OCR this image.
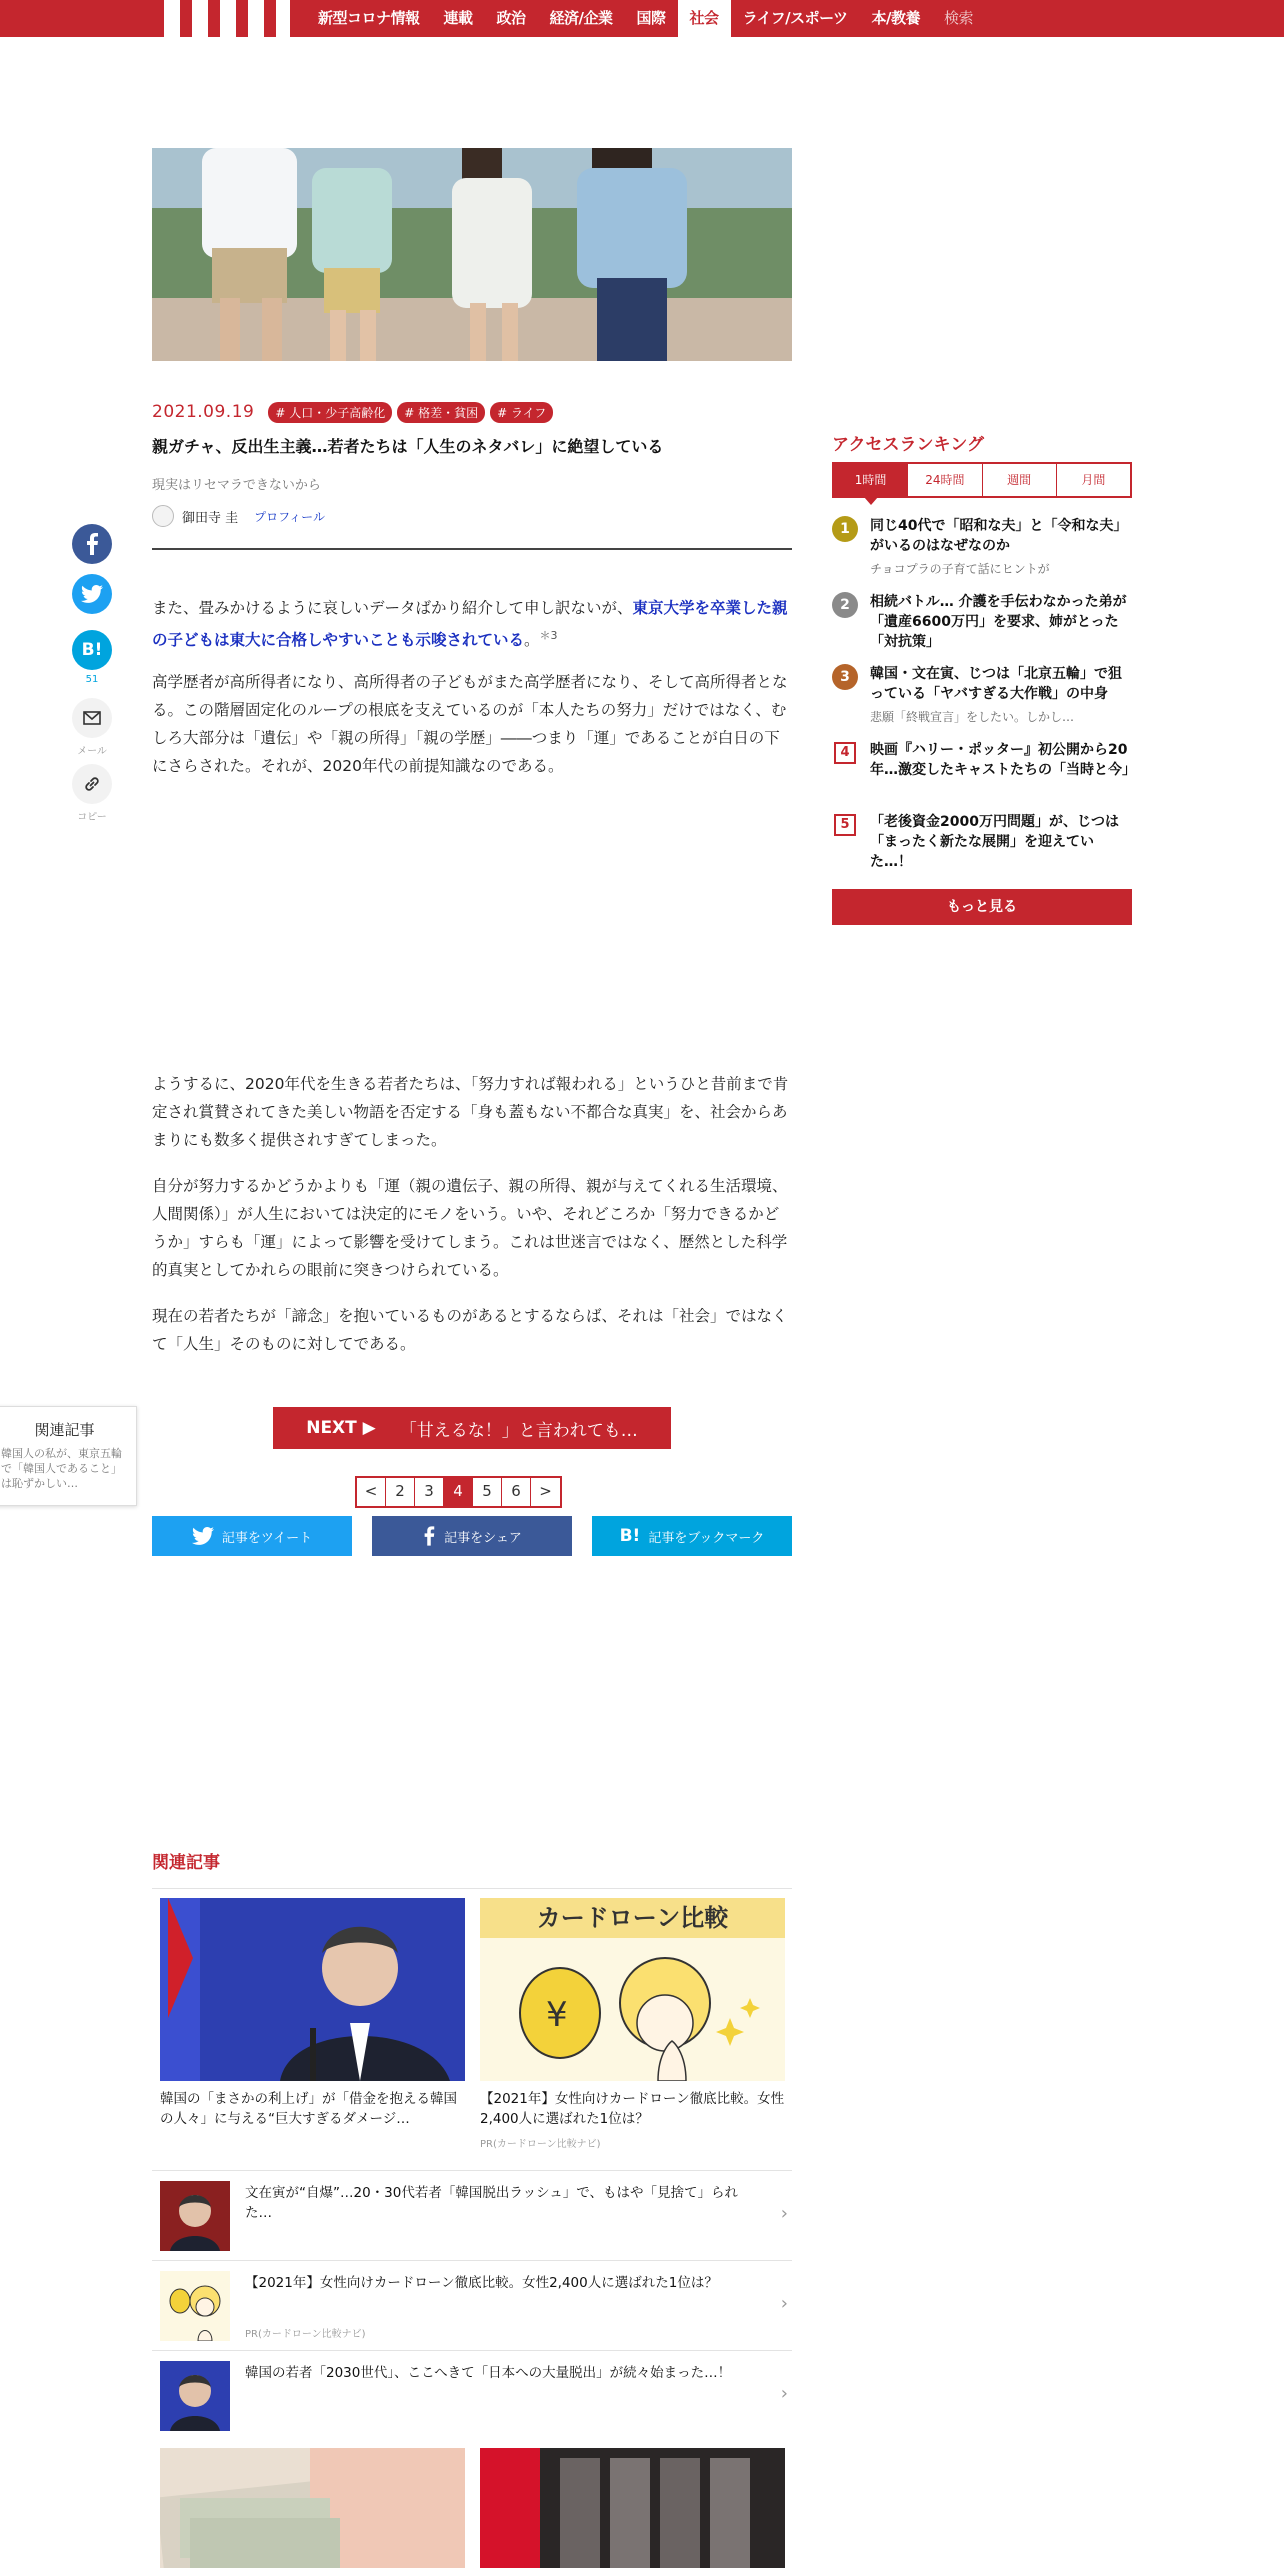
新型コロナ情報	連載	政治	経済/企業	国際	社会	ライフ/スポーツ	本/教養	検索
B!
51
メール
コピー
2021.09.19	# 人口・少子高齢化	# 格差・貧困	# ライフ
親ガチャ、反出生主義…若者たちは「人生のネタバレ」に絶望している
現実はリセマラできないから
御田寺 圭 プロフィール

また、畳みかけるように哀しいデータばかり紹介して申し訳ないが、東京大学を卒業した親の子どもは東大に合格しやすいことも示唆されている。$^{*3}$

高学歴者が高所得者になり、高所得者の子どもがまた高学歴者になり、そして高所得者となる。この階層固定化のループの根底を支えているのが「本人たちの努力」だけではなく、むしろ大部分は「遺伝」や「親の所得」「親の学歴」――つまり「運」であることが白日の下にさらされた。それが、2020年代の前提知識なのである。

ようするに、2020年代を生きる若者たちは、「努力すれば報われる」というひと昔前まで肯定され賞賛されてきた美しい物語を否定する「身も蓋もない不都合な真実」を、社会からあまりにも数多く提供されすぎてしまった。

自分が努力するかどうかよりも「運（親の遺伝子、親の所得、親が与えてくれる生活環境、人間関係）」が人生においては決定的にモノをいう。いや、それどころか「努力できるかどうか」すらも「運」によって影響を受けてしまう。これは世迷言ではなく、歴然とした科学的真実としてかれらの眼前に突きつけられている。

現在の若者たちが「諦念」を抱いているものがあるとするならば、それは「社会」ではなくて「人生」そのものに対してである。

NEXT ▶ 「甘えるな！」と言われても…
<	2	3	4	5	6	>
記事をツイート	記事をシェア	B! 記事をブックマーク
関連記事
韓国人の私が、東京五輪で「韓国人であること」は恥ずかしい…
アクセスランキング
1時間	24時間	週間	月間
1	同じ40代で「昭和な夫」と「令和な夫」がいるのはなぜなのか
チョコプラの子育て話にヒントが
2	相続バトル… 介護を手伝わなかった弟が「遺産6600万円」を要求、姉がとった「対抗策」
3	韓国・文在寅、じつは「北京五輪」で狙っている「ヤバすぎる大作戦」の中身
悲願「終戦宣言」をしたい。しかし…
4	映画『ハリー・ポッター』初公開から20年…激変したキャストたちの「当時と今」
5	「老後資金2000万円問題」が、じつは「まったく新たな展開」を迎えていた…！
もっと見る
関連記事
韓国の「まさかの利上げ」が「借金を抱える韓国の人々」に与える“巨大すぎるダメージ…
カードローン比較
¥
【2021年】女性向けカードローン徹底比較。女性2,400人に選ばれた1位は？
PR(カードローン比較ナビ)
文在寅が“自爆”…20・30代若者「韓国脱出ラッシュ」で、もはや「見捨て」られた…	›
【2021年】女性向けカードローン徹底比較。女性2,400人に選ばれた1位は？
PR(カードローン比較ナビ)
›
韓国の若者「2030世代」、ここへきて「日本への大量脱出」が続々始まった…！
›
